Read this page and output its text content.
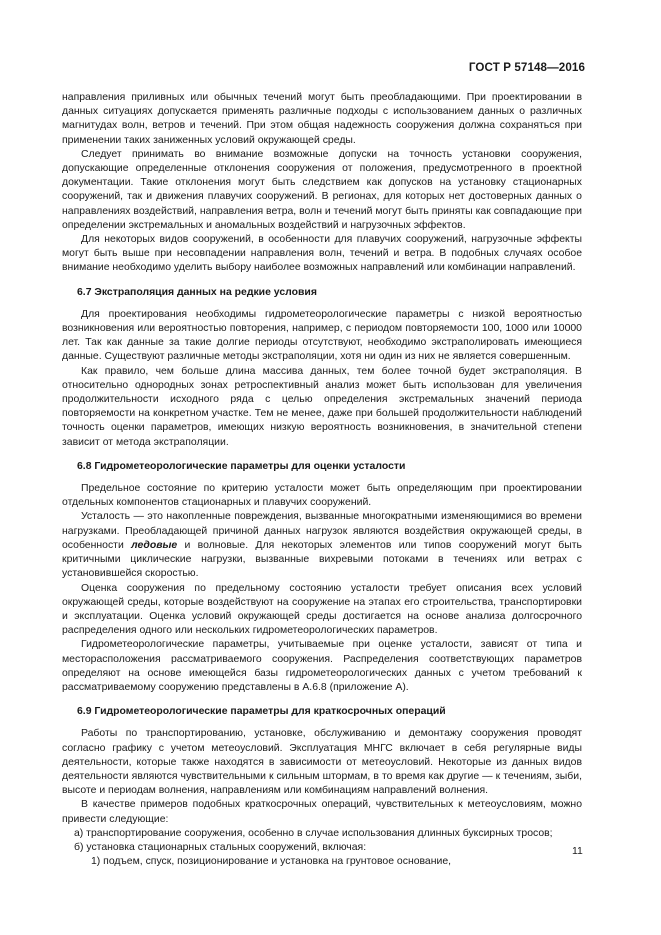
ГОСТ Р 57148—2016

направления приливных или обычных течений могут быть преобладающими. При проектировании в данных ситуациях допускается применять различные подходы с использованием данных о различных магнитудах волн, ветров и течений. При этом общая надежность сооружения должна сохраняться при применении таких заниженных условий окружающей среды.

Следует принимать во внимание возможные допуски на точность установки сооружения, допускающие определенные отклонения сооружения от положения, предусмотренного в проектной документации. Такие отклонения могут быть следствием как допусков на установку стационарных сооружений, так и движения плавучих сооружений. В регионах, для которых нет достоверных данных о направлениях воздействий, направления ветра, волн и течений могут быть приняты как совпадающие при определении экстремальных и аномальных воздействий и нагрузочных эффектов.

Для некоторых видов сооружений, в особенности для плавучих сооружений, нагрузочные эффекты могут быть выше при несовпадении направления волн, течений и ветра. В подобных случаях особое внимание необходимо уделить выбору наиболее возможных направлений или комбинации направлений.

6.7 Экстраполяция данных на редкие условия

Для проектирования необходимы гидрометеорологические параметры с низкой вероятностью возникновения или вероятностью повторения, например, с периодом повторяемости 100, 1000 или 10000 лет. Так как данные за такие долгие периоды отсутствуют, необходимо экстраполировать имеющиеся данные. Существуют различные методы экстраполяции, хотя ни один из них не является совершенным.

Как правило, чем больше длина массива данных, тем более точной будет экстраполяция. В относительно однородных зонах ретроспективный анализ может быть использован для увеличения продолжительности исходного ряда с целью определения экстремальных значений периода повторяемости на конкретном участке. Тем не менее, даже при большей продолжительности наблюдений точность оценки параметров, имеющих низкую вероятность возникновения, в значительной степени зависит от метода экстраполяции.

6.8 Гидрометеорологические параметры для оценки усталости

Предельное состояние по критерию усталости может быть определяющим при проектировании отдельных компонентов стационарных и плавучих сооружений.

Усталость — это накопленные повреждения, вызванные многократными изменяющимися во времени нагрузками. Преобладающей причиной данных нагрузок являются воздействия окружающей среды, в особенности ледовые и волновые. Для некоторых элементов или типов сооружений могут быть критичными циклические нагрузки, вызванные вихревыми потоками в течениях или ветрах с установившейся скоростью.

Оценка сооружения по предельному состоянию усталости требует описания всех условий окружающей среды, которые воздействуют на сооружение на этапах его строительства, транспортировки и эксплуатации. Оценка условий окружающей среды достигается на основе анализа долгосрочного распределения одного или нескольких гидрометеорологических параметров.

Гидрометеорологические параметры, учитываемые при оценке усталости, зависят от типа и месторасположения рассматриваемого сооружения. Распределения соответствующих параметров определяют на основе имеющейся базы гидрометеорологических данных с учетом требований к рассматриваемому сооружению представлены в А.6.8 (приложение А).

6.9 Гидрометеорологические параметры для краткосрочных операций

Работы по транспортированию, установке, обслуживанию и демонтажу сооружения проводят согласно графику с учетом метеоусловий. Эксплуатация МНГС включает в себя регулярные виды деятельности, которые также находятся в зависимости от метеоусловий. Некоторые из данных видов деятельности являются чувствительными к сильным штормам, в то время как другие — к течениям, зыби, высоте и периодам волнения, направлениям или комбинациям направлений волнения.

В качестве примеров подобных краткосрочных операций, чувствительных к метеоусловиям, можно привести следующие:

а) транспортирование сооружения, особенно в случае использования длинных буксирных тросов;

б) установка стационарных стальных сооружений, включая:

1) подъем, спуск, позиционирование и установка на грунтовое основание,

11
